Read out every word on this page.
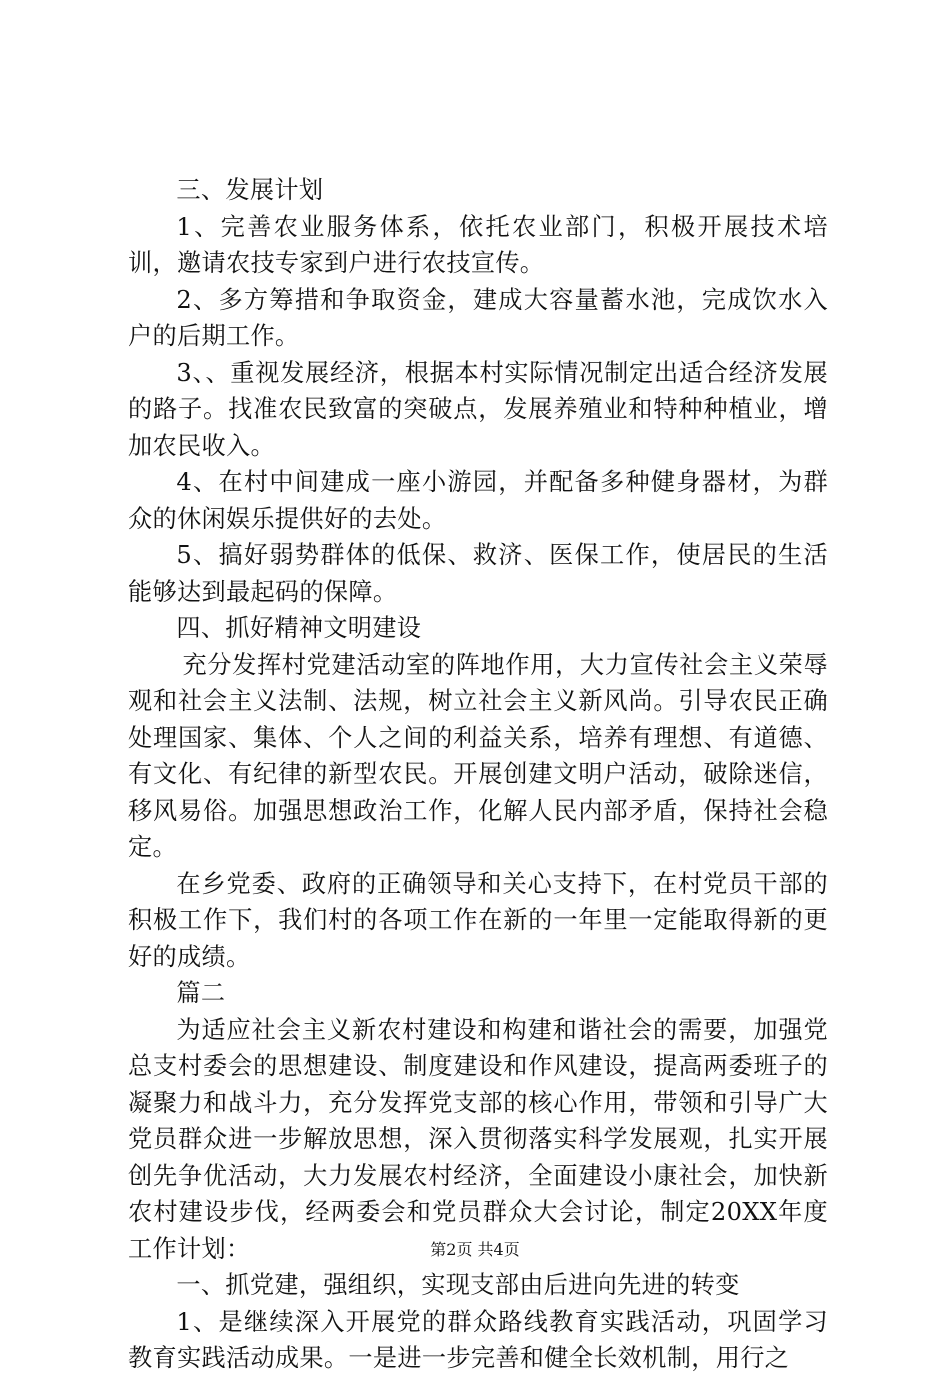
三、发展计划

1、完善农业服务体系，依托农业部门，积极开展技术培训，邀请农技专家到户进行农技宣传。

2、多方筹措和争取资金，建成大容量蓄水池，完成饮水入户的后期工作。

3、、重视发展经济，根据本村实际情况制定出适合经济发展的路子。找准农民致富的突破点，发展养殖业和特种种植业，增加农民收入。

4、在村中间建成一座小游园，并配备多种健身器材，为群众的休闲娱乐提供好的去处。

5、搞好弱势群体的低保、救济、医保工作，使居民的生活能够达到最起码的保障。

四、抓好精神文明建设

充分发挥村党建活动室的阵地作用，大力宣传社会主义荣辱观和社会主义法制、法规，树立社会主义新风尚。引导农民正确处理国家、集体、个人之间的利益关系，培养有理想、有道德、有文化、有纪律的新型农民。开展创建文明户活动，破除迷信，移风易俗。加强思想政治工作，化解人民内部矛盾，保持社会稳定。

在乡党委、政府的正确领导和关心支持下，在村党员干部的积极工作下，我们村的各项工作在新的一年里一定能取得新的更好的成绩。

篇二

为适应社会主义新农村建设和构建和谐社会的需要，加强党总支村委会的思想建设、制度建设和作风建设，提高两委班子的凝聚力和战斗力，充分发挥党支部的核心作用，带领和引导广大党员群众进一步解放思想，深入贯彻落实科学发展观，扎实开展创先争优活动，大力发展农村经济，全面建设小康社会，加快新农村建设步伐，经两委会和党员群众大会讨论，制定20XX年度工作计划：

一、抓党建，强组织，实现支部由后进向先进的转变

1、是继续深入开展党的群众路线教育实践活动，巩固学习教育实践活动成果。一是进一步完善和健全长效机制，用行之

第2页 共4页
